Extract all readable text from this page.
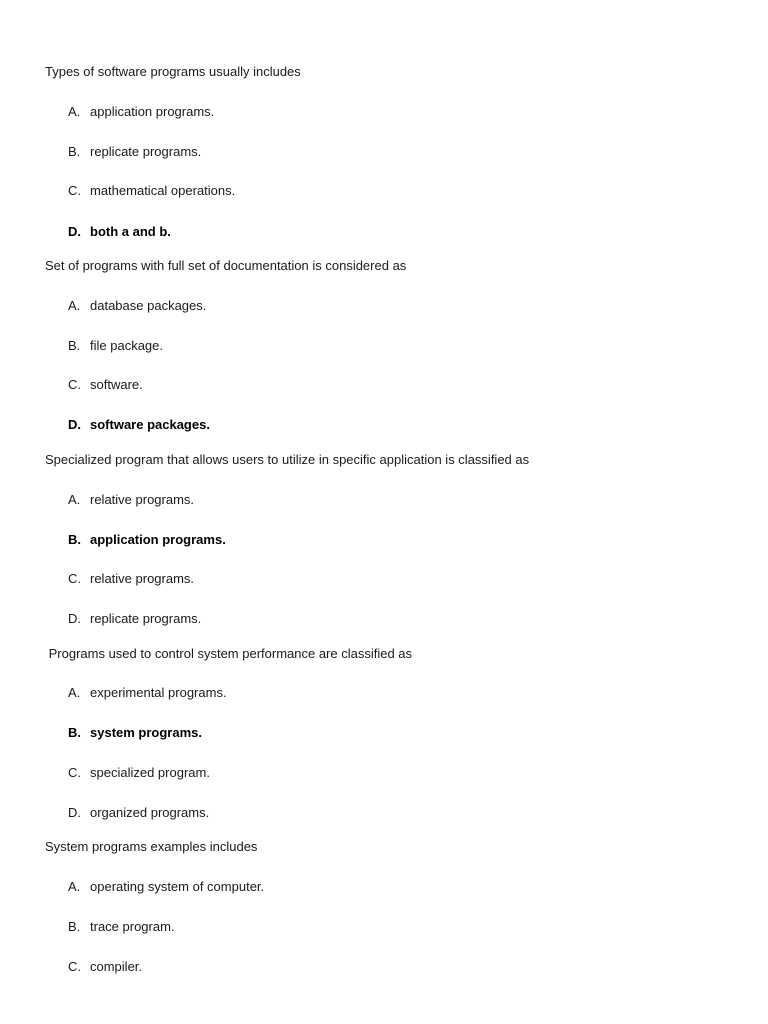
Types of software programs usually includes
A. application programs.
B. replicate programs.
C. mathematical operations.
D. both a and b.
Set of programs with full set of documentation is considered as
A. database packages.
B. file package.
C. software.
D. software packages.
Specialized program that allows users to utilize in specific application is classified as
A. relative programs.
B. application programs.
C. relative programs.
D. replicate programs.
Programs used to control system performance are classified as
A. experimental programs.
B. system programs.
C. specialized program.
D. organized programs.
System programs examples includes
A. operating system of computer.
B. trace program.
C. compiler.
